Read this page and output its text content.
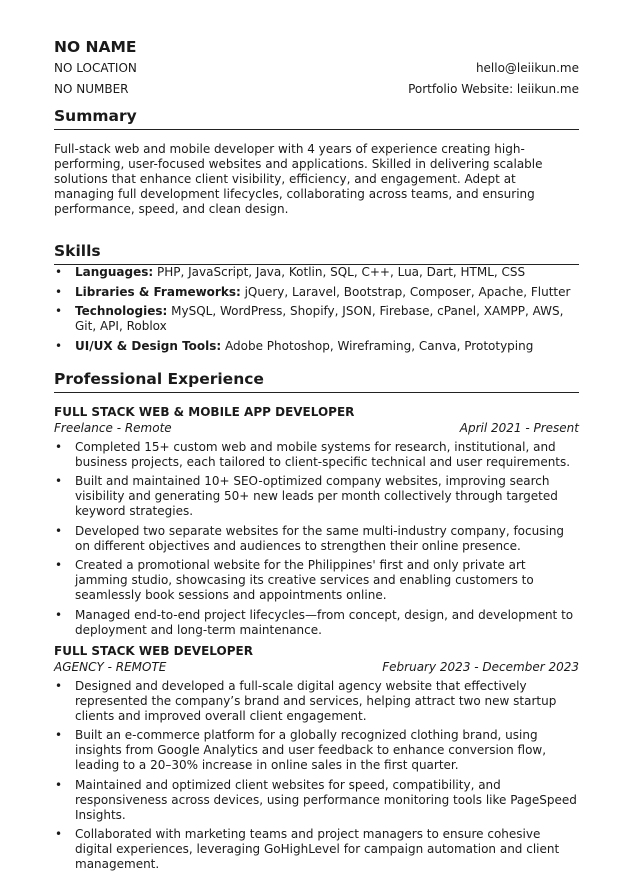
NO NAME
NO LOCATION	hello@leiikun.me
NO NUMBER	Portfolio Website: leiikun.me
Summary

Full-stack web and mobile developer with 4 years of experience creating high-performing, user-focused websites and applications. Skilled in delivering scalable solutions that enhance client visibility, efficiency, and engagement. Adept at managing full development lifecycles, collaborating across teams, and ensuring performance, speed, and clean design.

Skills
• Languages: PHP, JavaScript, Java, Kotlin, SQL, C++, Lua, Dart, HTML, CSS
• Libraries & Frameworks: jQuery, Laravel, Bootstrap, Composer, Apache, Flutter
• Technologies: MySQL, WordPress, Shopify, JSON, Firebase, cPanel, XAMPP, AWS, Git, API, Roblox
• UI/UX & Design Tools: Adobe Photoshop, Wireframing, Canva, Prototyping
Professional Experience

FULL STACK WEB & MOBILE APP DEVELOPER

Freelance - Remote	April 2021 - Present
• Completed 15+ custom web and mobile systems for research, institutional, and business projects, each tailored to client-specific technical and user requirements.
• Built and maintained 10+ SEO-optimized company websites, improving search visibility and generating 50+ new leads per month collectively through targeted keyword strategies.
• Developed two separate websites for the same multi-industry company, focusing on different objectives and audiences to strengthen their online presence.
• Created a promotional website for the Philippines' first and only private art jamming studio, showcasing its creative services and enabling customers to seamlessly book sessions and appointments online.
• Managed end-to-end project lifecycles—from concept, design, and development to deployment and long-term maintenance.

FULL STACK WEB DEVELOPER

AGENCY - REMOTE	February 2023 - December 2023
• Designed and developed a full-scale digital agency website that effectively represented the company’s brand and services, helping attract two new startup clients and improved overall client engagement.
• Built an e-commerce platform for a globally recognized clothing brand, using insights from Google Analytics and user feedback to enhance conversion flow, leading to a 20–30% increase in online sales in the first quarter.
• Maintained and optimized client websites for speed, compatibility, and responsiveness across devices, using performance monitoring tools like PageSpeed Insights.
• Collaborated with marketing teams and project managers to ensure cohesive digital experiences, leveraging GoHighLevel for campaign automation and client management.
